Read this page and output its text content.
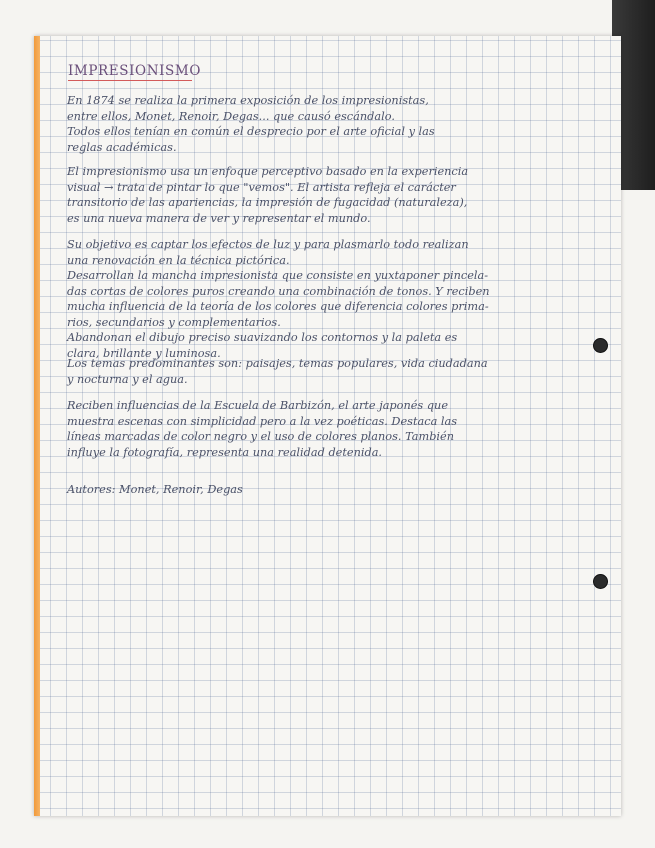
IMPRESIONISMO
En 1874 se realiza la primera exposición de los impresionistas,
entre ellos, Monet, Renoir, Degas... que causó escándalo.
Todos ellos tenían en común el desprecio por el arte oficial y las
reglas académicas.
El impresionismo usa un enfoque perceptivo basado en la experiencia
visual → trata de pintar lo que "vemos". El artista refleja el carácter
transitorio de las apariencias, la impresión de fugacidad (naturaleza),
es una nueva manera de ver y representar el mundo.
Su objetivo es captar los efectos de luz y para plasmarlo todo realizan
una renovación en la técnica pictórica.
Desarrollan la mancha impresionista que consiste en yuxtaponer pincela-
das cortas de colores puros creando una combinación de tonos. Y reciben
mucha influencia de la teoría de los colores que diferencia colores prima-
rios, secundarios y complementarios.
Abandonan el dibujo preciso suavizando los contornos y la paleta es
clara, brillante y luminosa.
Los temas predominantes son: paisajes, temas populares, vida ciudadana
y nocturna y el agua.
Reciben influencias de la Escuela de Barbizón, el arte japonés que
muestra escenas con simplicidad pero a la vez poéticas. Destaca las
líneas marcadas de color negro y el uso de colores planos. También
influye la fotografía, representa una realidad detenida.
Autores: Monet, Renoir, Degas
